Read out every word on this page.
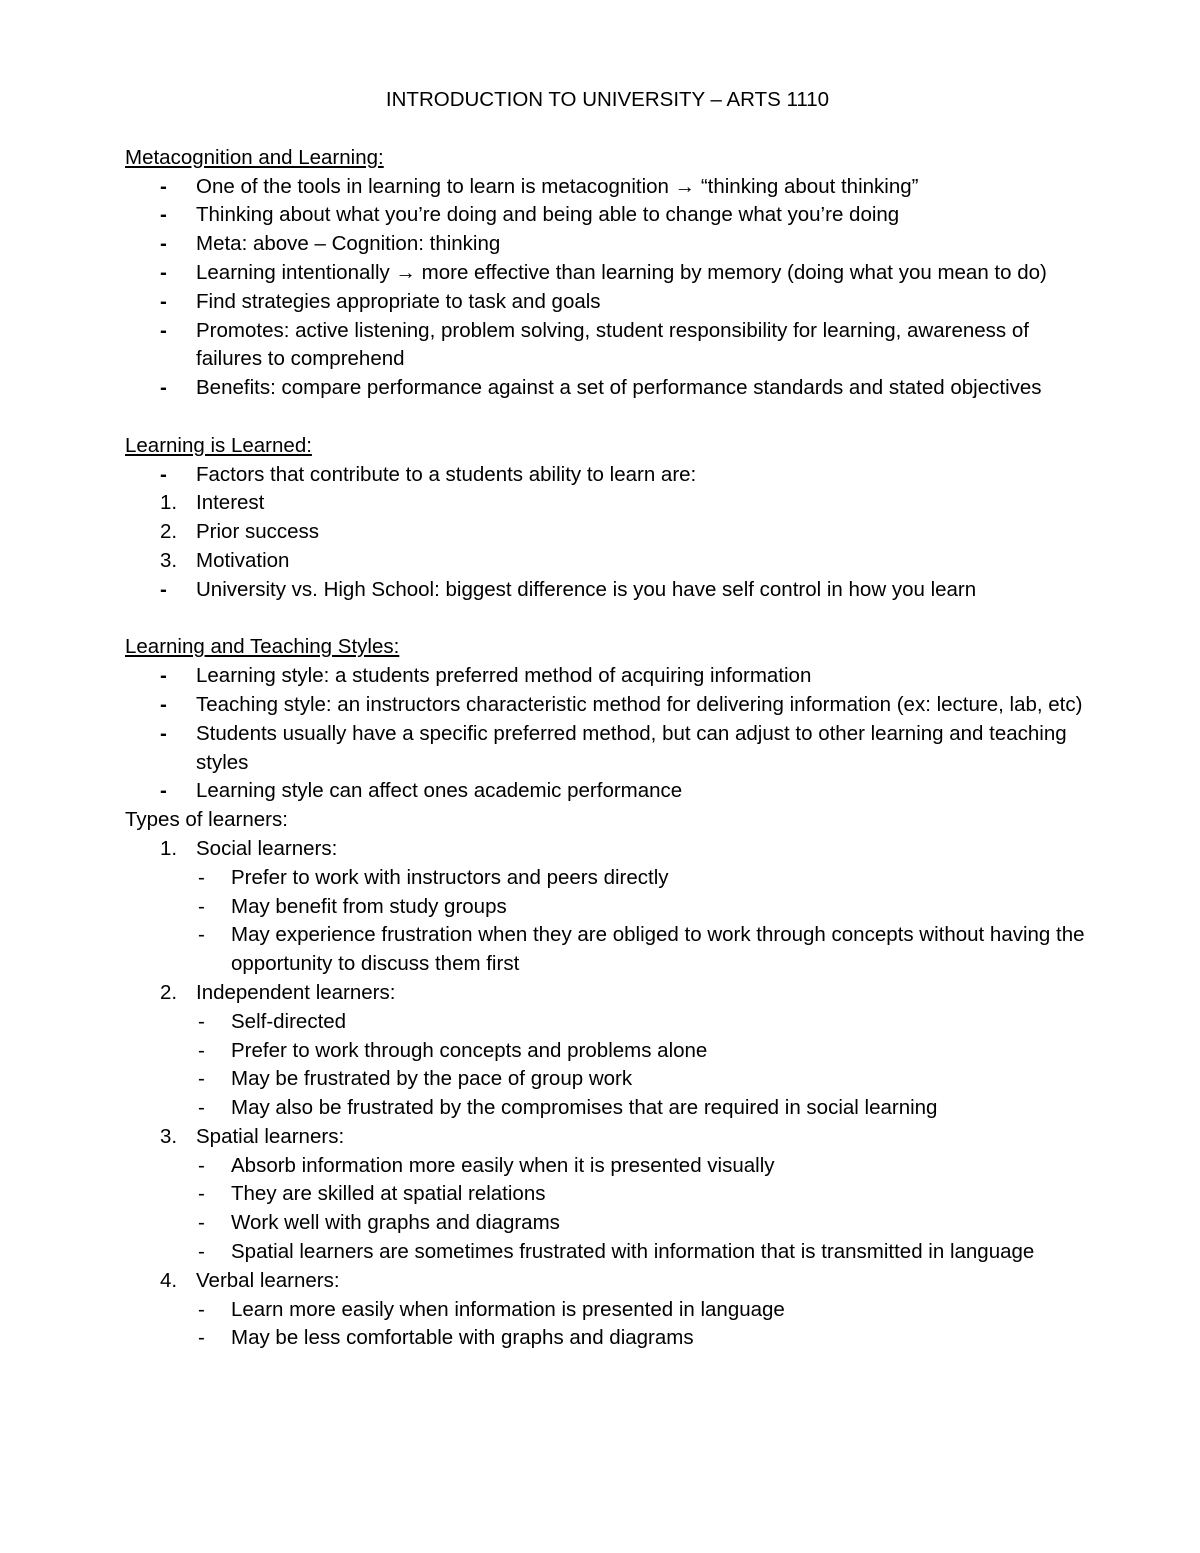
INTRODUCTION TO UNIVERSITY – ARTS 1110

Metacognition and Learning:

-	One of the tools in learning to learn is metacognition → “thinking about thinking”
-	Thinking about what you’re doing and being able to change what you’re doing
-	Meta: above – Cognition: thinking
-	Learning intentionally → more effective than learning by memory (doing what you mean to do)
-	Find strategies appropriate to task and goals
-	Promotes: active listening, problem solving, student responsibility for learning, awareness of failures to comprehend
-	Benefits: compare performance against a set of performance standards and stated objectives

Learning is Learned:

-	Factors that contribute to a students ability to learn are:
1. Interest
2. Prior success
3. Motivation
-	University vs. High School: biggest difference is you have self control in how you learn

Learning and Teaching Styles:

-	Learning style: a students preferred method of acquiring information
-	Teaching style: an instructors characteristic method for delivering information (ex: lecture, lab, etc)
-	Students usually have a specific preferred method, but can adjust to other learning and teaching styles
-	Learning style can affect ones academic performance

Types of learners:

1. Social learners:
-	Prefer to work with instructors and peers directly
-	May benefit from study groups
-	May experience frustration when they are obliged to work through concepts without having the opportunity to discuss them first
2. Independent learners:
-	Self-directed
-	Prefer to work through concepts and problems alone
-	May be frustrated by the pace of group work
-	May also be frustrated by the compromises that are required in social learning
3. Spatial learners:
-	Absorb information more easily when it is presented visually
-	They are skilled at spatial relations
-	Work well with graphs and diagrams
-	Spatial learners are sometimes frustrated with information that is transmitted in language
4. Verbal learners:
-	Learn more easily when information is presented in language
-	May be less comfortable with graphs and diagrams
